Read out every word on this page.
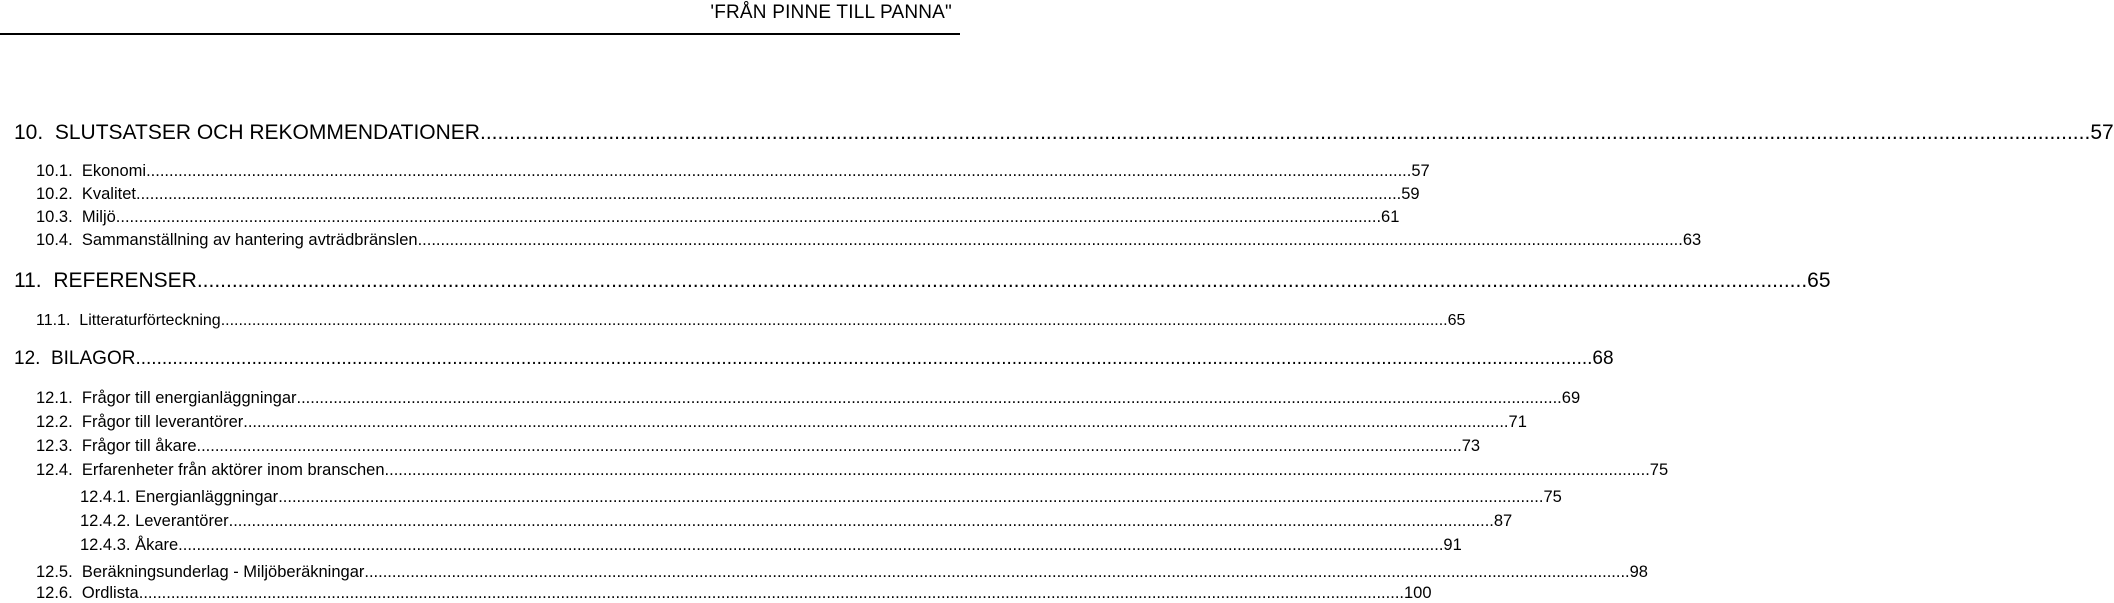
'FRÅN PINNE TILL PANNA"
10. SLUTSATSER OCH REKOMMENDATIONER .................................................................................................................................................................................................................................................................................... 57
10.1. Ekonomi .................................................................................................................................................................................................................................................................................... 57
10.2. Kvalitet .................................................................................................................................................................................................................................................................................... 59
10.3. Miljö .................................................................................................................................................................................................................................................................................... 61
10.4. Sammanställning av hantering avträdbränslen .................................................................................................................................................................................................................................................................................... 63
11. REFERENSER .................................................................................................................................................................................................................................................................................... 65
11.1. Litteraturförteckning .................................................................................................................................................................................................................................................................................... 65
12. BILAGOR .................................................................................................................................................................................................................................................................................... 68
12.1. Frågor till energianläggningar .................................................................................................................................................................................................................................................................................... 69
12.2. Frågor till leverantörer .................................................................................................................................................................................................................................................................................... 71
12.3. Frågor till åkare .................................................................................................................................................................................................................................................................................... 73
12.4. Erfarenheter från aktörer inom branschen .................................................................................................................................................................................................................................................................................... 75
12.4.1. Energianläggningar .................................................................................................................................................................................................................................................................................... 75
12.4.2. Leverantörer .................................................................................................................................................................................................................................................................................... 87
12.4.3. Åkare .................................................................................................................................................................................................................................................................................... 91
12.5. Beräkningsunderlag - Miljöberäkningar .................................................................................................................................................................................................................................................................................... 98
12.6. Ordlista .................................................................................................................................................................................................................................................................................... 100
